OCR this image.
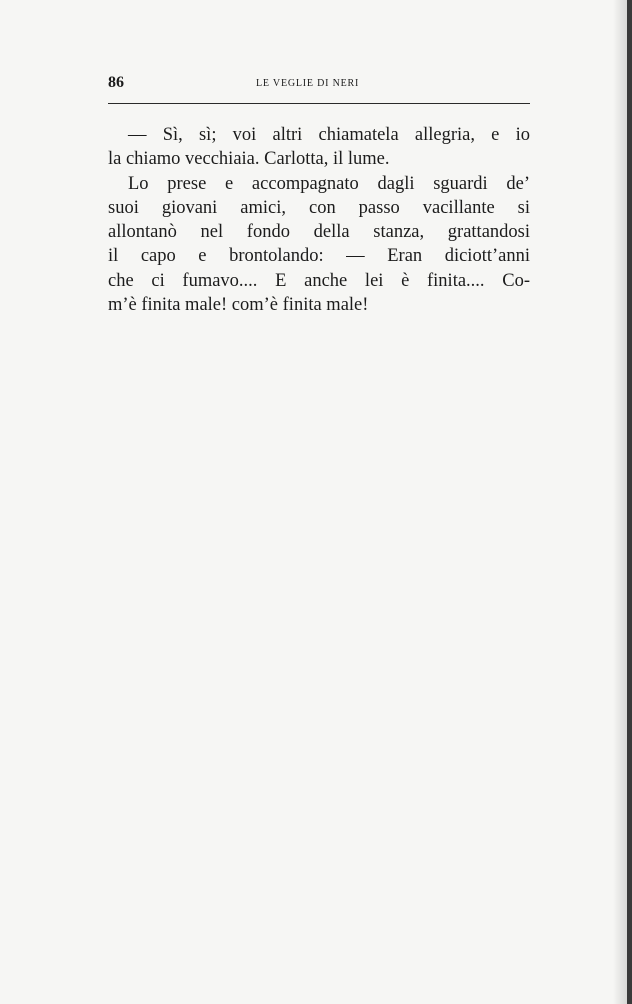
86	LE VEGLIE DI NERI
— Sì, sì; voi altri chiamatela allegria, e io
la chiamo vecchiaia. Carlotta, il lume.
Lo prese e accompagnato dagli sguardi de’
suoi giovani amici, con passo vacillante si
allontanò nel fondo della stanza, grattandosi
il capo e brontolando: — Eran diciott’anni
che ci fumavo.... E anche lei è finita.... Co-
m’è finita male! com’è finita male!
